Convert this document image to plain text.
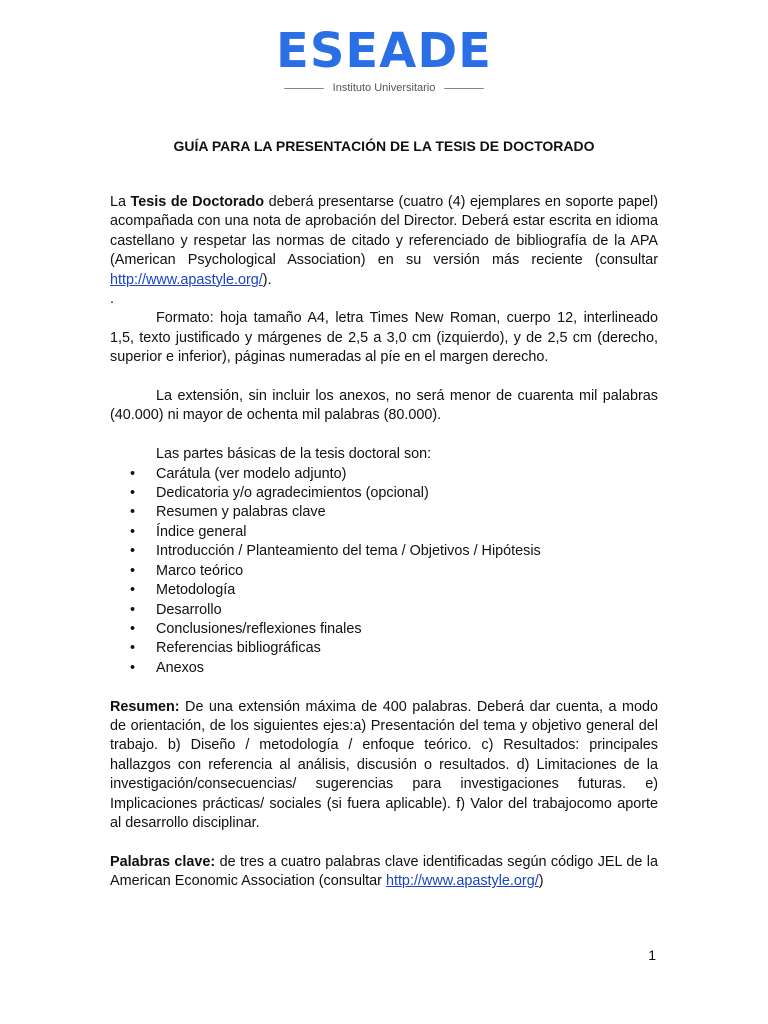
ESEADE
Instituto Universitario
GUÍA PARA LA PRESENTACIÓN DE LA TESIS DE DOCTORADO

La Tesis de Doctorado deberá presentarse (cuatro (4) ejemplares en soporte papel) acompañada con una nota de aprobación del Director. Deberá estar escrita en idioma castellano y respetar las normas de citado y referenciado de bibliografía de la APA (American Psychological Association) en su versión más reciente (consultar http://www.apastyle.org/).

.

Formato: hoja tamaño A4, letra Times New Roman, cuerpo 12, interlineado 1,5, texto justificado y márgenes de 2,5 a 3,0 cm (izquierdo), y de 2,5 cm (derecho, superior e inferior), páginas numeradas al píe en el margen derecho.

La extensión, sin incluir los anexos, no será menor de cuarenta mil palabras (40.000) ni mayor de ochenta mil palabras (80.000).

Las partes básicas de la tesis doctoral son:

• Carátula (ver modelo adjunto)
• Dedicatoria y/o agradecimientos (opcional)
• Resumen y palabras clave
• Índice general
• Introducción / Planteamiento del tema / Objetivos / Hipótesis
• Marco teórico
• Metodología
• Desarrollo
• Conclusiones/reflexiones finales
• Referencias bibliográficas
• Anexos

Resumen: De una extensión máxima de 400 palabras. Deberá dar cuenta, a modo de orientación, de los siguientes ejes:a) Presentación del tema y objetivo general del trabajo. b) Diseño / metodología / enfoque teórico. c) Resultados: principales hallazgos con referencia al análisis, discusión o resultados. d) Limitaciones de la investigación/consecuencias/ sugerencias para investigaciones futuras. e) Implicaciones prácticas/ sociales (si fuera aplicable). f) Valor del trabajocomo aporte al desarrollo disciplinar.

Palabras clave: de tres a cuatro palabras clave identificadas según código JEL de la American Economic Association (consultar http://www.apastyle.org/)

1
